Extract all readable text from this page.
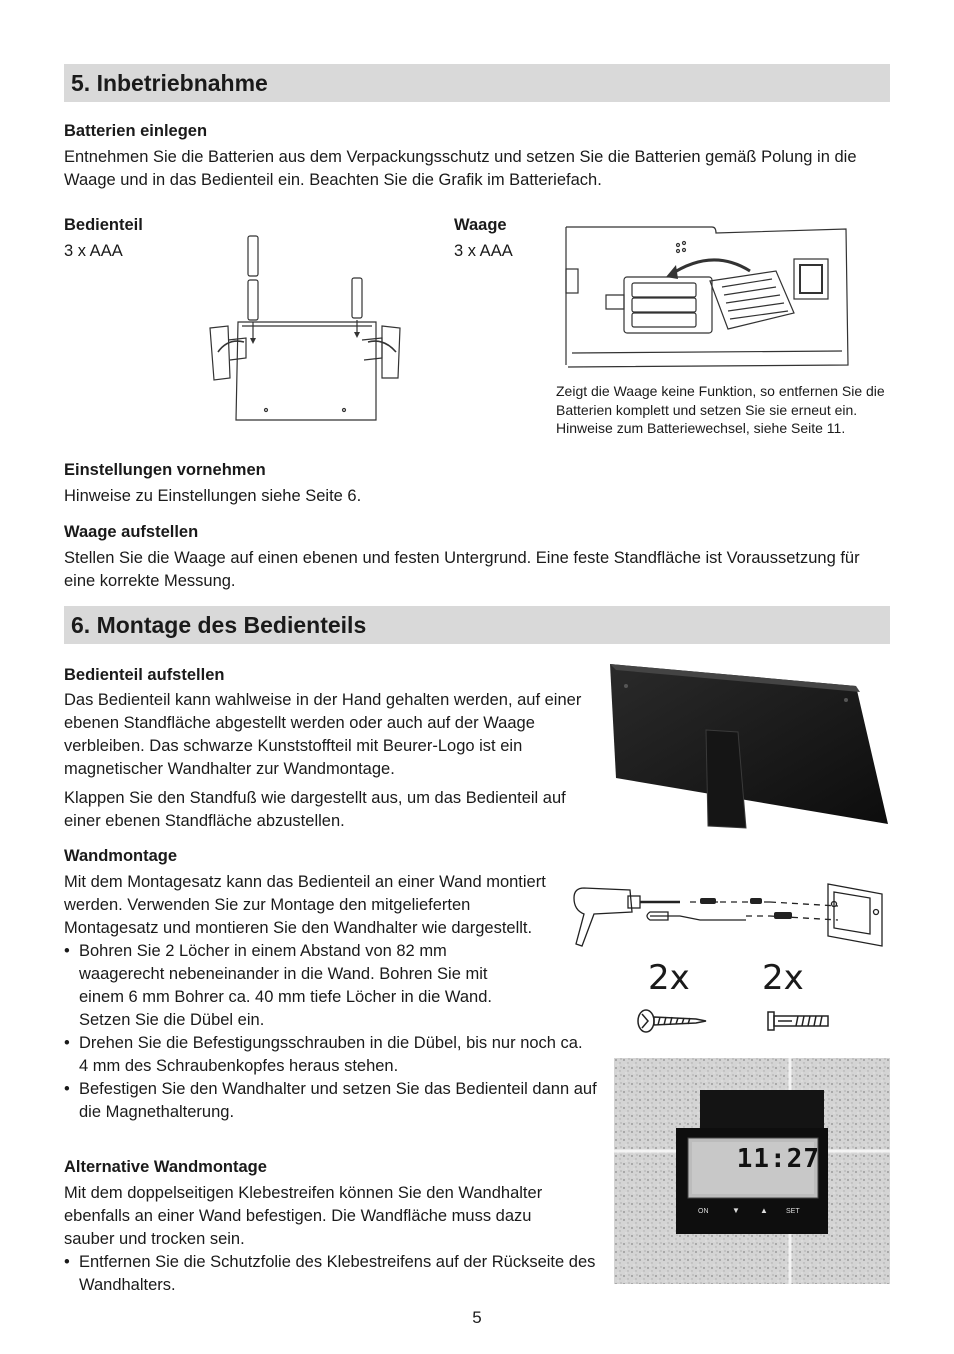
5. Inbetriebnahme
Batterien einlegen
Entnehmen Sie die Batterien aus dem Verpackungsschutz und setzen Sie die Batterien gemäß Polung in die Waage und in das Bedienteil ein. Beachten Sie die Grafik im Batteriefach.
Bedienteil
3 x AAA
Waage
3 x AAA
Zeigt die Waage keine Funktion, so entfernen Sie die Batterien komplett und setzen Sie sie erneut ein. Hinweise zum Batteriewechsel, siehe Seite 11.
Einstellungen vornehmen
Hinweise zu Einstellungen siehe Seite 6.
Waage aufstellen
Stellen Sie die Waage auf einen ebenen und festen Untergrund. Eine feste Standfläche ist Voraussetzung für eine korrekte Messung.
6. Montage des Bedienteils
Bedienteil aufstellen

Das Bedienteil kann wahlweise in der Hand gehalten werden, auf einer ebenen Standfläche abgestellt werden oder auch auf der Waage verbleiben. Das schwarze Kunststoffteil mit Beurer-Logo ist ein magnetischer Wandhalter zur Wandmontage.

Klappen Sie den Standfuß wie dargestellt aus, um das Bedienteil auf einer ebenen Standfläche abzustellen.

Wandmontage

Mit dem Montagesatz kann das Bedienteil an einer Wand montiert werden. Verwenden Sie zur Montage den mitgelieferten Montagesatz und montieren Sie den Wandhalter wie dargestellt.

• Bohren Sie 2 Löcher in einem Abstand von 82 mm waagerecht nebeneinander in die Wand. Bohren Sie mit einem 6 mm Bohrer ca. 40 mm tiefe Löcher in die Wand. Setzen Sie die Dübel ein.
• Drehen Sie die Befestigungsschrauben in die Dübel, bis nur noch ca. 4 mm des Schraubenkopfes heraus stehen.
• Befestigen Sie den Wandhalter und setzen Sie das Bedienteil dann auf die Magnethalterung.
2x 2x
Alternative Wandmontage

Mit dem doppelseitigen Klebestreifen können Sie den Wandhalter ebenfalls an einer Wand befestigen. Die Wandfläche muss dazu sauber und trocken sein.

• Entfernen Sie die Schutzfolie des Klebestreifens auf der Rückseite des Wandhalters.
11:27
ON	▼	▲	SET
5
